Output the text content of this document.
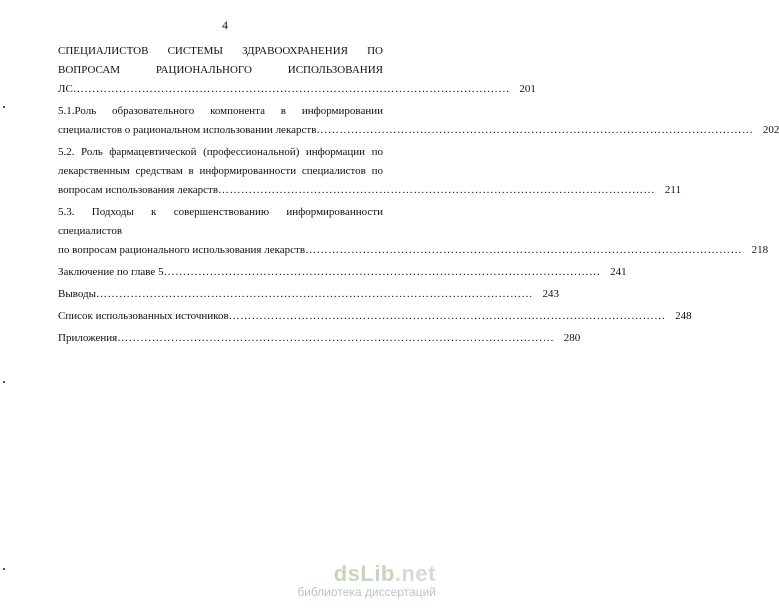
4
СПЕЦИАЛИСТОВ СИСТЕМЫ ЗДРАВООХРАНЕНИЯ ПО
ВОПРОСАМ РАЦИОНАЛЬНОГО ИСПОЛЬЗОВАНИЯ
ЛС …………………………………………………………………………………………………… 201
5.1.Роль образовательного компонента в информировании
специалистов о рациональном использовании лекарств …………………………………………………………………………………………………… 202
5.2. Роль фармацевтической (профессиональной) информации по
лекарственным средствам в информированности специалистов по
вопросам использования лекарств …………………………………………………………………………………………………… 211
5.3. Подходы к совершенствованию информированности специалистов
по вопросам рационального использования лекарств …………………………………………………………………………………………………… 218
Заключение по главе 5 …………………………………………………………………………………………………… 241
Выводы …………………………………………………………………………………………………… 243
Список использованных источников …………………………………………………………………………………………………… 248
Приложения …………………………………………………………………………………………………… 280
dsLib.net
библиотека диссертаций
